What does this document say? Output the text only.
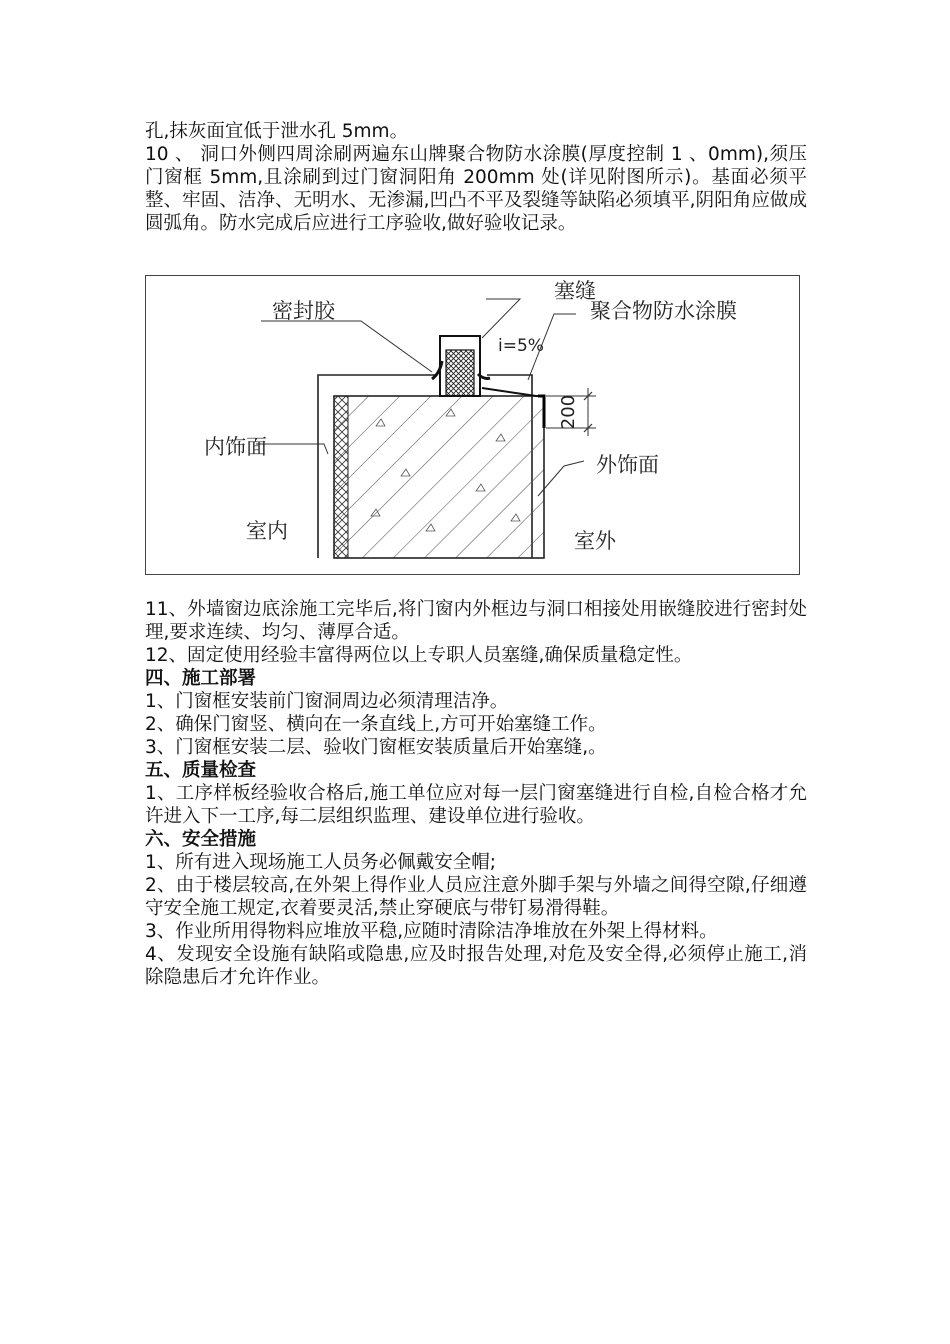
孔,抹灰面宜低于泄水孔 5mm。

10 、 洞口外侧四周涂刷两遍东山牌聚合物防水涂膜(厚度控制 1 、0mm),须压门窗框 5mm,且涂刷到过门窗洞阳角 200mm 处(详见附图所示)。基面必须平整、牢固、洁净、无明水、无渗漏,凹凸不平及裂缝等缺陷必须填平,阴阳角应做成圆弧角。防水完成后应进行工序验收,做好验收记录。

200
密封胶
塞缝
聚合物防水涂膜
i=5%
内饰面
外饰面
室内	室外

11、外墙窗边底涂施工完毕后,将门窗内外框边与洞口相接处用嵌缝胶进行密封处理,要求连续、均匀、薄厚合适。

12、固定使用经验丰富得两位以上专职人员塞缝,确保质量稳定性。

四、施工部署

1、门窗框安装前门窗洞周边必须清理洁净。

2、确保门窗竖、横向在一条直线上,方可开始塞缝工作。

3、门窗框安装二层、验收门窗框安装质量后开始塞缝,。

五、质量检查

1、工序样板经验收合格后,施工单位应对每一层门窗塞缝进行自检,自检合格才允许进入下一工序,每二层组织监理、建设单位进行验收。

六、安全措施

1、所有进入现场施工人员务必佩戴安全帽;

2、由于楼层较高,在外架上得作业人员应注意外脚手架与外墙之间得空隙,仔细遵守安全施工规定,衣着要灵活,禁止穿硬底与带钉易滑得鞋。

3、作业所用得物料应堆放平稳,应随时清除洁净堆放在外架上得材料。

4、发现安全设施有缺陷或隐患,应及时报告处理,对危及安全得,必须停止施工,消除隐患后才允许作业。
